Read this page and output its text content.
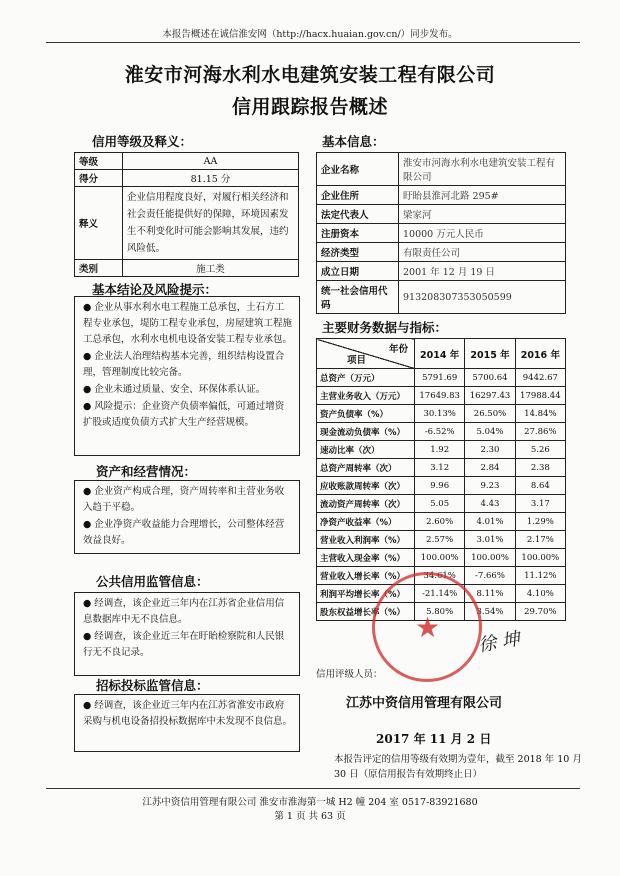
本报告概述在诚信淮安网（http://hacx.huaian.gov.cn/）同步发布。
淮安市河海水利水电建筑安装工程有限公司
信用跟踪报告概述
信用等级及释义：
等级	AA
得分	81.15 分
释义	企业信用程度良好，对履行相关经济和社会责任能提供好的保障，环境因素发生不利变化时可能会影响其发展，违约风险低。
类别	施工类
基本信息：
企业名称	淮安市河海水利水电建筑安装工程有限公司
企业住所	盱眙县淮河北路 295#
法定代表人	梁家河
注册资本	10000 万元人民币
经济类型	有限责任公司
成立日期	2001 年 12 月 19 日
统一社会信用代码	913208307353050599
基本结论及风险提示：

● 企业从事水利水电工程施工总承包，土石方工程专业承包，堤防工程专业承包，房屋建筑工程施工总承包，水利水电机电设备安装工程专业承包。

● 企业法人治理结构基本完善，组织结构设置合理，管理制度比较完备。

● 企业未通过质量、安全、环保体系认证。

● 风险提示：企业资产负债率偏低，可通过增资扩股或适度负债方式扩大生产经营规模。

资产和经营情况：

● 企业资产构成合理，资产周转率和主营业务收入趋于平稳。

● 企业净资产收益能力合理增长，公司整体经营效益良好。

公共信用监管信息：

● 经调查，该企业近三年内在江苏省企业信用信息数据库中无不良信息。

● 经调查，该企业近三年在盱眙检察院和人民银行无不良记录。

招标投标监管信息：

● 经调查，该企业近三年内在江苏省淮安市政府采购与机电设备招投标数据库中未发现不良信息。

主要财务数据与指标：
年份
项目	2014 年	2015 年	2016 年
总资产（万元）	5791.69	5700.64	9442.67
主营业务收入（万元）	17649.83	16297.43	17988.44
资产负债率（%）	30.13%	26.50%	14.84%
现金流动负债率（%）	-6.52%	5.04%	27.86%
速动比率（次）	1.92	2.30	5.26
总资产周转率（次）	3.12	2.84	2.38
应收账款周转率（次）	9.96	9.23	8.64
流动资产周转率（次）	5.05	4.43	3.17
净资产收益率（%）	2.60%	4.01%	1.29%
营业收入利润率（%）	2.57%	3.01%	2.17%
主营收入现金率（%）	100.00%	100.00%	100.00%
营业收入增长率（%）	34.61%	-7.66%	11.12%
利润平均增长率（%）	-21.14%	8.11%	4.10%
股东权益增长率（%）	5.80%	3.54%	29.70%
★ 徐 坤
信用评级人员：
江苏中资信用管理有限公司
2017 年 11 月 2 日
本报告评定的信用等级有效期为壹年，截至 2018 年 10 月 30 日（原信用报告有效期终止日）
江苏中资信用管理有限公司 淮安市淮海第一城 H2 幢 204 室 0517-83921680
第 1 页 共 63 页
